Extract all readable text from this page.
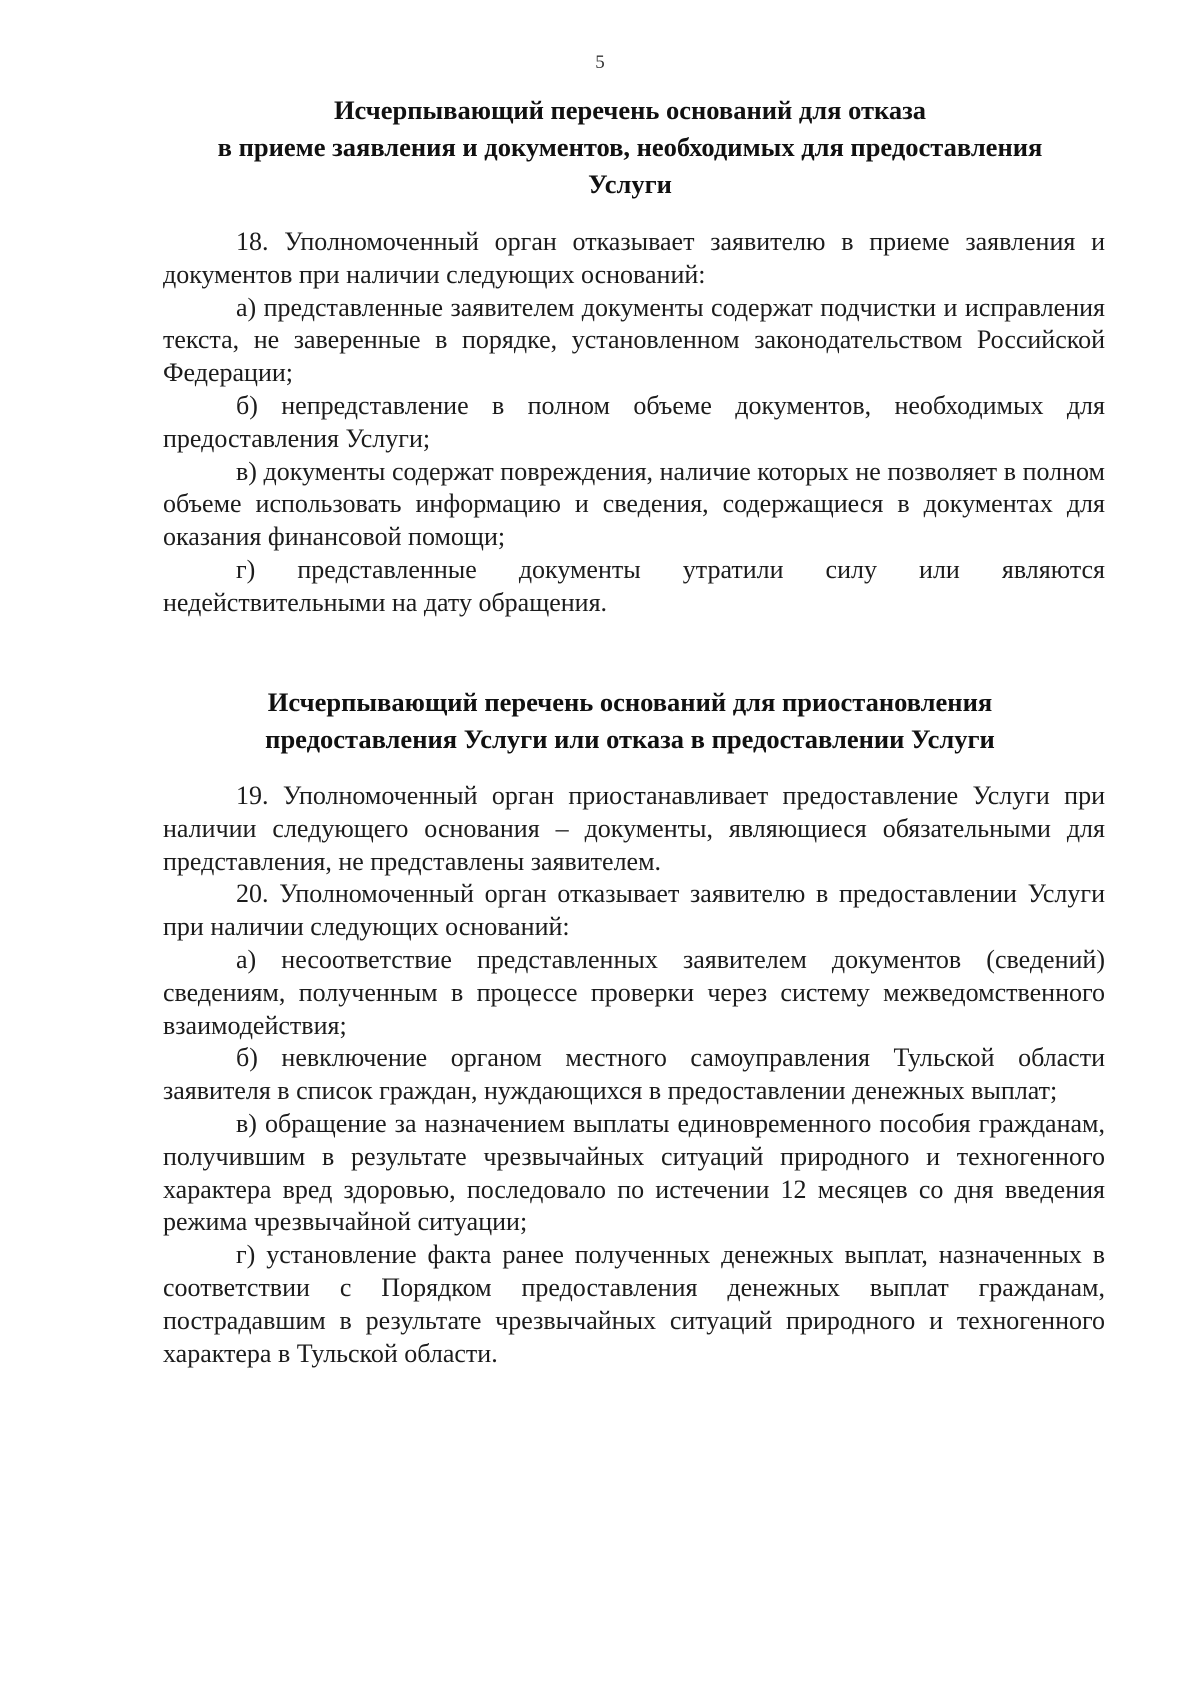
5
Исчерпывающий перечень оснований для отказа
в приеме заявления и документов, необходимых для предоставления
Услуги

18. Уполномоченный орган отказывает заявителю в приеме заявления и документов при наличии следующих оснований:

а) представленные заявителем документы содержат подчистки и исправления текста, не заверенные в порядке, установленном законодательством Российской Федерации;

б) непредставление в полном объеме документов, необходимых для предоставления Услуги;

в) документы содержат повреждения, наличие которых не позволяет в полном объеме использовать информацию и сведения, содержащиеся в документах для оказания финансовой помощи;

г) представленные документы утратили силу или являются недействительными на дату обращения.

Исчерпывающий перечень оснований для приостановления
предоставления Услуги или отказа в предоставлении Услуги

19. Уполномоченный орган приостанавливает предоставление Услуги при наличии следующего основания – документы, являющиеся обязательными для представления, не представлены заявителем.

20. Уполномоченный орган отказывает заявителю в предоставлении Услуги при наличии следующих оснований:

а) несоответствие представленных заявителем документов (сведений) сведениям, полученным в процессе проверки через систему межведомственного взаимодействия;

б) невключение органом местного самоуправления Тульской области заявителя в список граждан, нуждающихся в предоставлении денежных выплат;

в) обращение за назначением выплаты единовременного пособия гражданам, получившим в результате чрезвычайных ситуаций природного и техногенного характера вред здоровью, последовало по истечении 12 месяцев со дня введения режима чрезвычайной ситуации;

г) установление факта ранее полученных денежных выплат, назначенных в соответствии с Порядком предоставления денежных выплат гражданам, пострадавшим в результате чрезвычайных ситуаций природного и техногенного характера в Тульской области.
